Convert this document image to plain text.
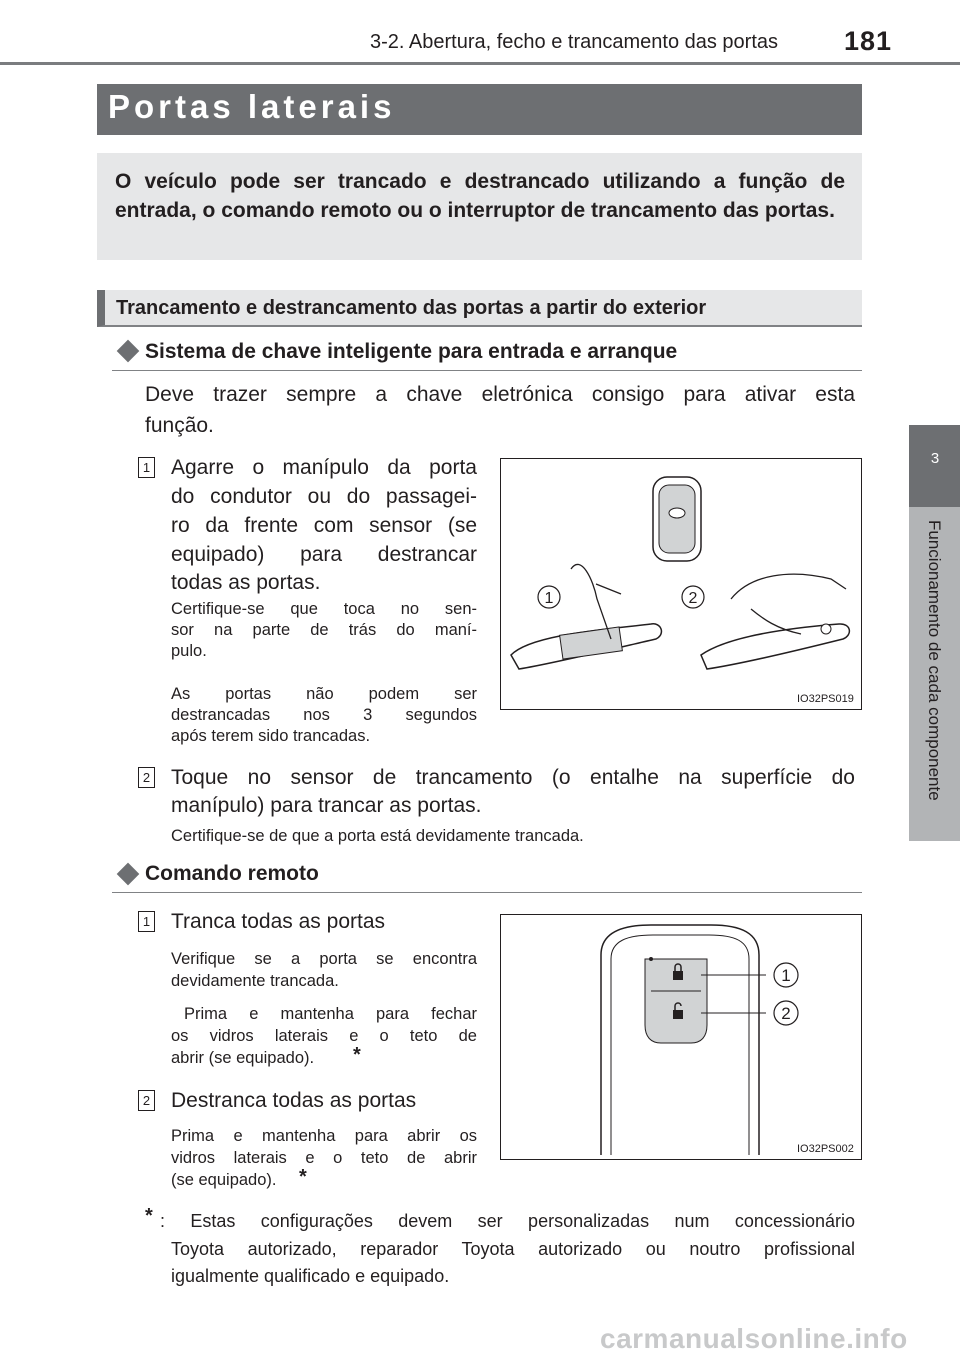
3-2. Abertura, fecho e trancamento das portas 181
3
Funcionamento de cada componente
Portas laterais

O veículo pode ser trancado e destrancado utilizando a função de entrada, o comando remoto ou o interruptor de trancamento das portas.

Trancamento e destrancamento das portas a partir do exterior
Sistema de chave inteligente para entrada e arranque
Deve trazer sempre a chave eletrónica consigo para ativar esta
função.
1 Agarre o manípulo da porta
do condutor ou do passagei-
ro da frente com sensor (se
equipado) para destrancar
todas as portas.
Certifique-se que toca no sen-
sor na parte de trás do maní-
pulo.
As portas não podem ser
destrancadas nos 3 segundos
após terem sido trancadas.
1	2
IO32PS019
2 Toque no sensor de trancamento (o entalhe na superfície do
manípulo) para trancar as portas.
Certifique-se de que a porta está devidamente trancada.
Comando remoto
1 Tranca todas as portas
Verifique se a porta se encontra
devidamente trancada.
Prima e mantenha para fechar
os vidros laterais e o teto de
abrir (se equipado). *
2 Destranca todas as portas
Prima e mantenha para abrir os
vidros laterais e o teto de abrir
(se equipado). *
1
2
IO32PS002
* : Estas configurações devem ser personalizadas num concessionário
Toyota autorizado, reparador Toyota autorizado ou noutro profissional
igualmente qualificado e equipado.
carmanualsonline.info
